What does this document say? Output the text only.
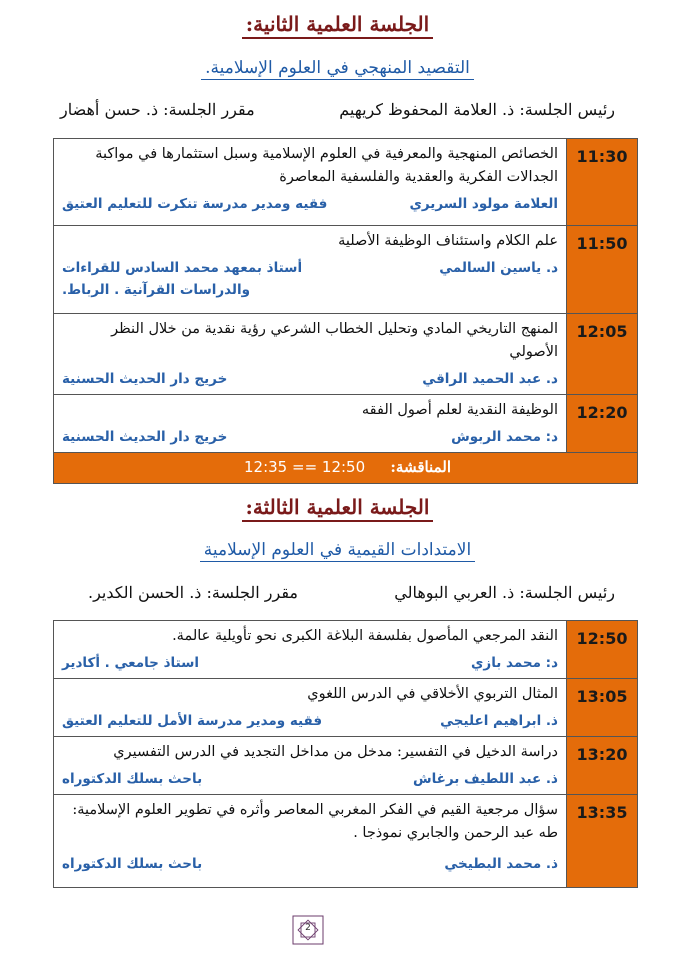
الجلسة العلمية الثانية:
التقصيد المنهجي في العلوم الإسلامية.
رئيس الجلسة: ذ. العلامة المحفوظ كريهيم
مقرر الجلسة: ذ. حسن أهضار
الخصائص المنهجية والمعرفية في العلوم الإسلامية وسبل استثمارها في مواكبة الجدالات الفكرية والعقدية والفلسفية المعاصرة
العلامة مولود السريري
فقيه ومدير مدرسة تنكرت للتعليم العتيق	11:30

علم الكلام واستئناف الوظيفة الأصلية
د. ياسين السالمي
أستاذ بمعهد محمد السادس للقراءات والدراسات القرآنية . الرباط.	11:50

المنهج التاريخي المادي وتحليل الخطاب الشرعي رؤية نقدية من خلال النظر الأصولي
د. عبد الحميد الراقي
خريج دار الحديث الحسنية	12:05

الوظيفة النقدية لعلم أصول الفقه
د: محمد الربوش
خريج دار الحديث الحسنية	12:20

المناقشة:
12:35 == 12:50	
الجلسة العلمية الثالثة:
الامتدادات القيمية في العلوم الإسلامية
رئيس الجلسة: ذ. العربي البوهالي
مقرر الجلسة: ذ. الحسن الكدير.
النقد المرجعي المأصول بفلسفة البلاغة الكبرى نحو تأويلية عالمة.
د: محمد بازي
استاذ جامعي . أكادير	12:50

المثال التربوي الأخلاقي في الدرس اللغوي
ذ. ابراهيم اعليجي
فقيه ومدير مدرسة الأمل للتعليم العتيق	13:05

دراسة الدخيل في التفسير: مدخل من مداخل التجديد في الدرس التفسيري
ذ. عبد اللطيف برغاش
باحث بسلك الدكتوراه	13:20

سؤال مرجعية القيم في الفكر المغربي المعاصر وأثره في تطوير العلوم الإسلامية: طه عبد الرحمن والجابري نموذجا .
ذ. محمد البطيخي
باحث بسلك الدكتوراه	13:35
2
